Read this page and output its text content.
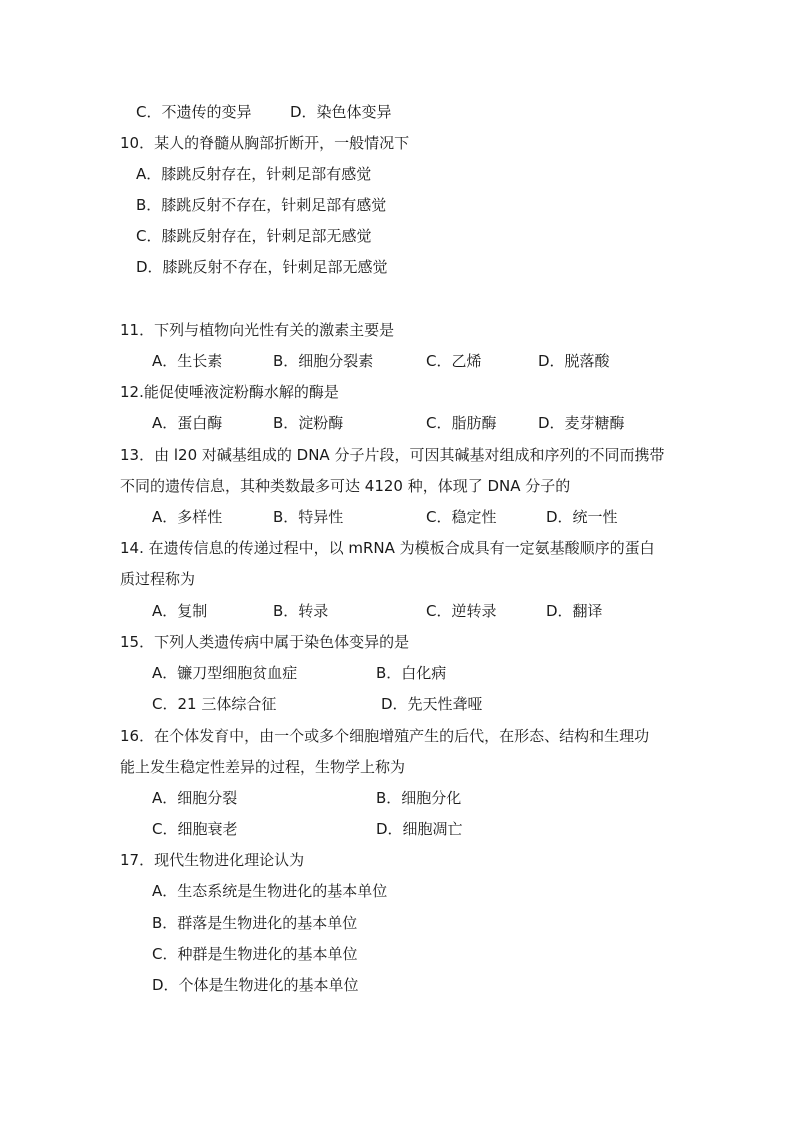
C．不遗传的变异	D．染色体变异
10．某人的脊髓从胸部折断开，一般情况下
A．膝跳反射存在，针刺足部有感觉
B．膝跳反射不存在，针刺足部有感觉
C．膝跳反射存在，针刺足部无感觉
D．膝跳反射不存在，针刺足部无感觉
11．下列与植物向光性有关的激素主要是
A．生长素	B．细胞分裂素	C．乙烯	D．脱落酸
12.能促使唾液淀粉酶水解的酶是
A．蛋白酶	B．淀粉酶	C．脂肪酶	D．麦芽糖酶
13．由 l20 对碱基组成的 DNA 分子片段，可因其碱基对组成和序列的不同而携带
不同的遗传信息，其种类数最多可达 4120 种，体现了 DNA 分子的
A．多样性	B．特异性	C．稳定性	D．统一性
14. 在遗传信息的传递过程中，以 mRNA 为模板合成具有一定氨基酸顺序的蛋白
质过程称为
A．复制	B．转录	C．逆转录	D．翻译
15．下列人类遗传病中属于染色体变异的是
A．镰刀型细胞贫血症	B．白化病
C．21 三体综合征	D．先天性聋哑
16．在个体发育中，由一个或多个细胞增殖产生的后代，在形态、结构和生理功
能上发生稳定性差异的过程，生物学上称为
A．细胞分裂	B．细胞分化
C．细胞衰老	D．细胞凋亡
17．现代生物进化理论认为
A．生态系统是生物进化的基本单位
B．群落是生物进化的基本单位
C．种群是生物进化的基本单位
D．个体是生物进化的基本单位
